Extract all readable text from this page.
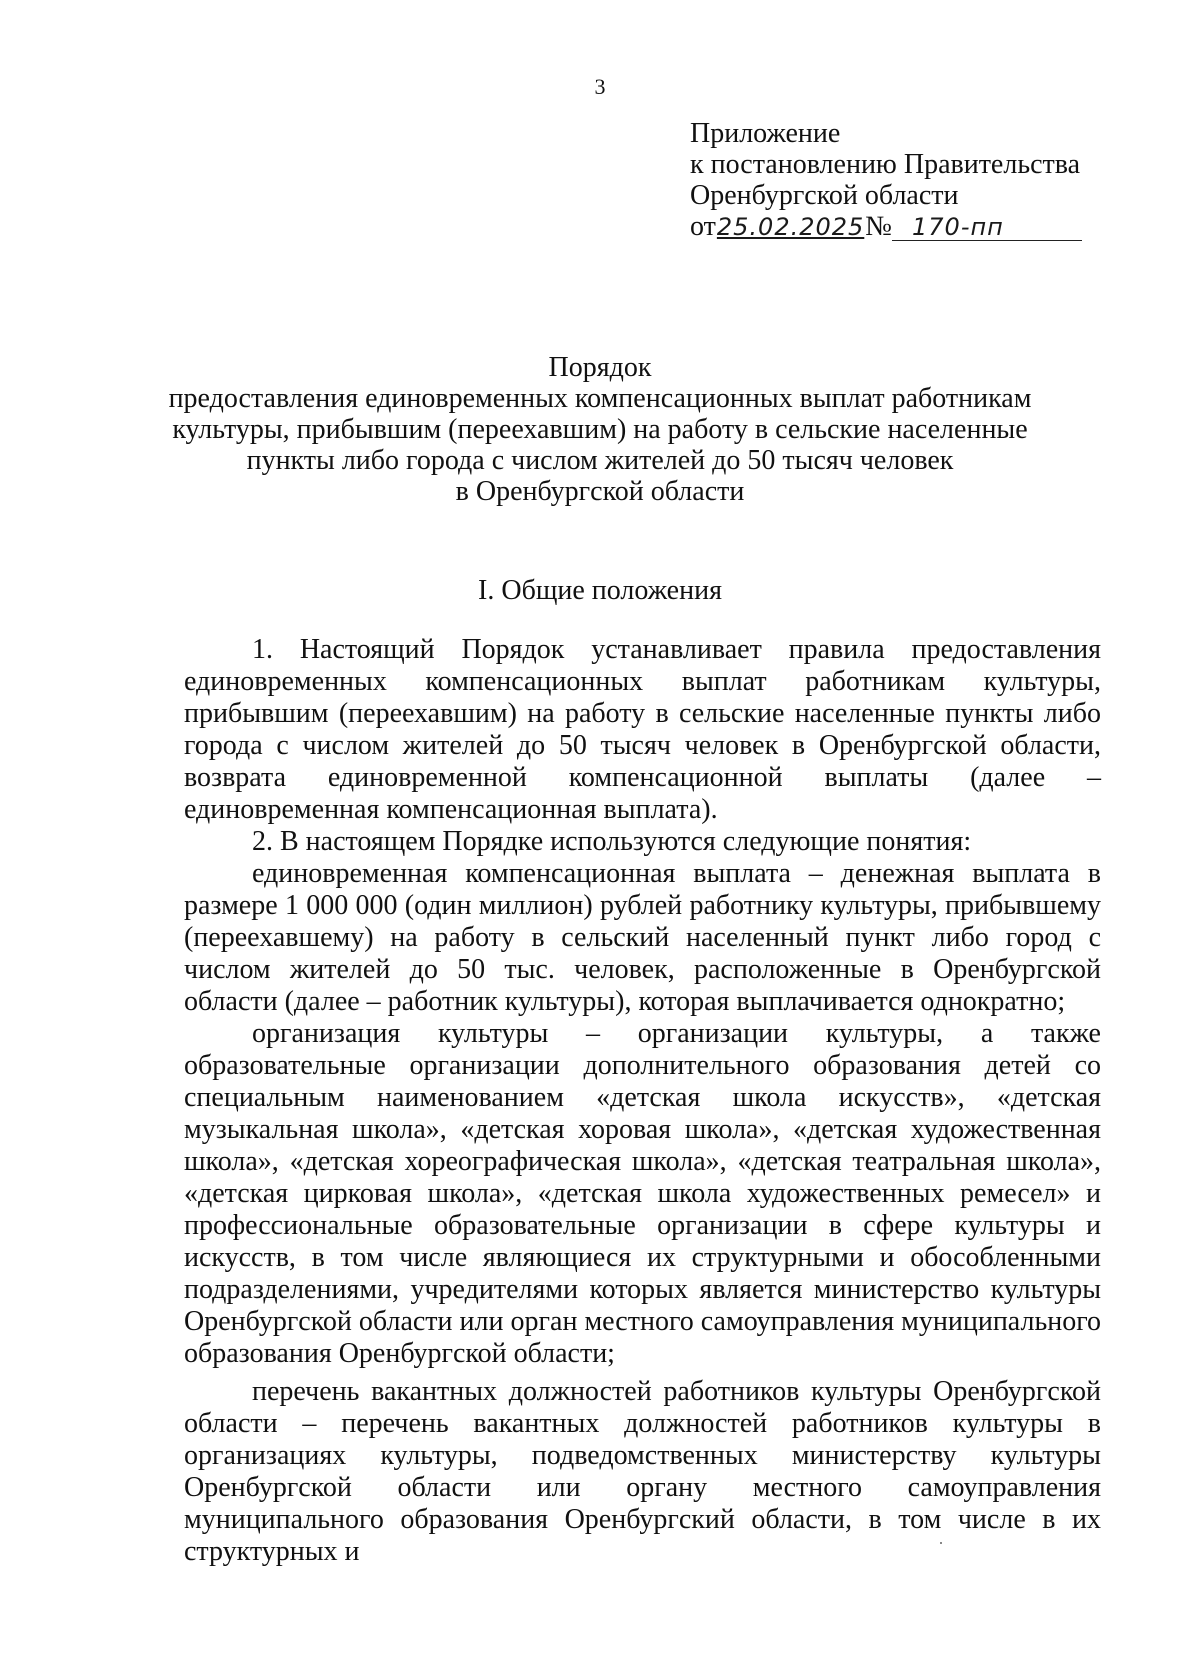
3
Приложение
к постановлению Правительства
Оренбургской области
от25.02.2025№ 170-пп
Порядок
предоставления единовременных компенсационных выплат работникам
культуры, прибывшим (переехавшим) на работу в сельские населенные
пункты либо города с числом жителей до 50 тысяч человек
в Оренбургской области
I. Общие положения

1. Настоящий Порядок устанавливает правила предоставления единовременных компенсационных выплат работникам культуры, прибывшим (переехавшим) на работу в сельские населенные пункты либо города с числом жителей до 50 тысяч человек в Оренбургской области, возврата единовременной компенсационной выплаты (далее – единовременная компенсационная выплата).

2. В настоящем Порядке используются следующие понятия:

единовременная компенсационная выплата – денежная выплата в размере 1 000 000 (один миллион) рублей работнику культуры, прибывшему (переехавшему) на работу в сельский населенный пункт либо город с числом жителей до 50 тыс. человек, расположенные в Оренбургской области (далее – работник культуры), которая выплачивается однократно;

организация культуры – организации культуры, а также образовательные организации дополнительного образования детей со специальным наименованием «детская школа искусств», «детская музыкальная школа», «детская хоровая школа», «детская художественная школа», «детская хореографическая школа», «детская театральная школа», «детская цирковая школа», «детская школа художественных ремесел» и профессиональные образовательные организации в сфере культуры и искусств, в том числе являющиеся их структурными и обособленными подразделениями, учредителями которых является министерство культуры Оренбургской области или орган местного самоуправления муниципального образования Оренбургской области;

перечень вакантных должностей работников культуры Оренбургской области – перечень вакантных должностей работников культуры в организациях культуры, подведомственных министерству культуры Оренбургской области или органу местного самоуправления муниципального образования Оренбургский области, в том числе в их структурных и
